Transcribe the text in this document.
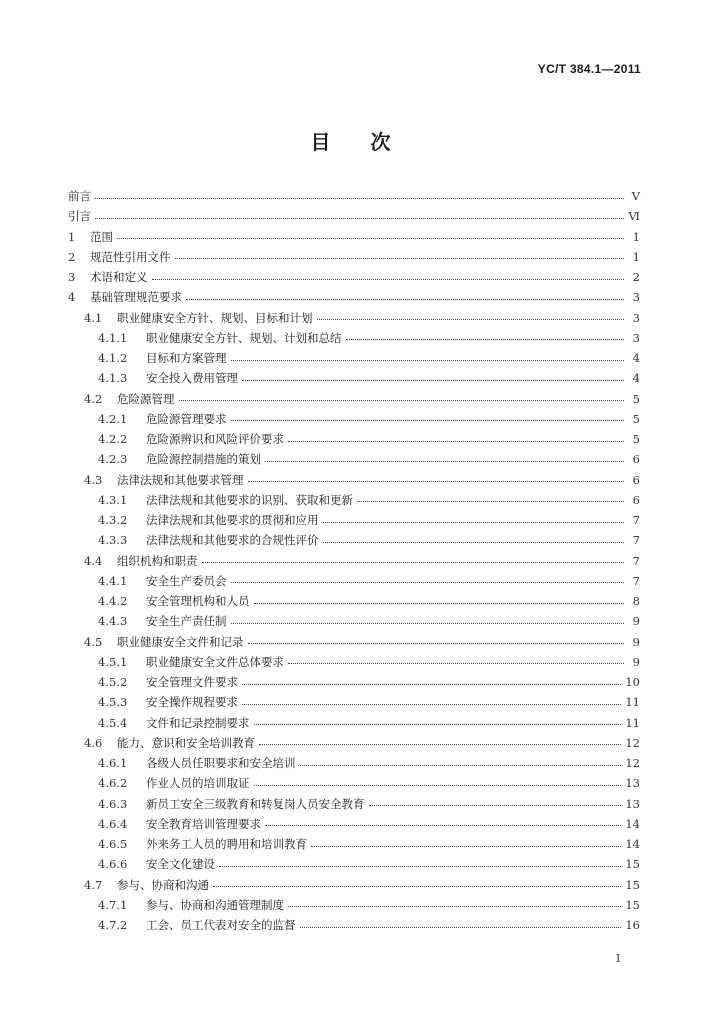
YC/T 384.1—2011
目次
前言	V
引言	Ⅵ
1	范围	1
2	规范性引用文件	1
3	术语和定义	2
4	基础管理规范要求	3
4.1	职业健康安全方针、规划、目标和计划	3
4.1.1	职业健康安全方针、规划、计划和总结	3
4.1.2	目标和方案管理	4
4.1.3	安全投入费用管理	4
4.2	危险源管理	5
4.2.1	危险源管理要求	5
4.2.2	危险源辨识和风险评价要求	5
4.2.3	危险源控制措施的策划	6
4.3	法律法规和其他要求管理	6
4.3.1	法律法规和其他要求的识别、获取和更新	6
4.3.2	法律法规和其他要求的贯彻和应用	7
4.3.3	法律法规和其他要求的合规性评价	7
4.4	组织机构和职责	7
4.4.1	安全生产委员会	7
4.4.2	安全管理机构和人员	8
4.4.3	安全生产责任制	9
4.5	职业健康安全文件和记录	9
4.5.1	职业健康安全文件总体要求	9
4.5.2	安全管理文件要求	10
4.5.3	安全操作规程要求	11
4.5.4	文件和记录控制要求	11
4.6	能力、意识和安全培训教育	12
4.6.1	各级人员任职要求和安全培训	12
4.6.2	作业人员的培训取证	13
4.6.3	新员工安全三级教育和转复岗人员安全教育	13
4.6.4	安全教育培训管理要求	14
4.6.5	外来务工人员的聘用和培训教育	14
4.6.6	安全文化建设	15
4.7	参与、协商和沟通	15
4.7.1	参与、协商和沟通管理制度	15
4.7.2	工会、员工代表对安全的监督	16
I
